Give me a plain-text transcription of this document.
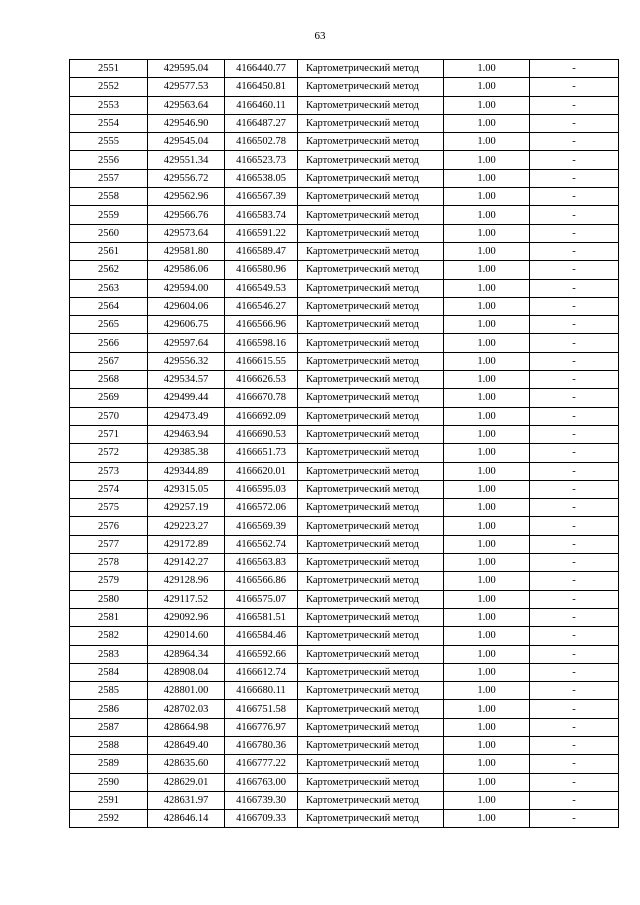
63
2551	429595.04	4166440.77	Картометрический метод	1.00	-
2552	429577.53	4166450.81	Картометрический метод	1.00	-
2553	429563.64	4166460.11	Картометрический метод	1.00	-
2554	429546.90	4166487.27	Картометрический метод	1.00	-
2555	429545.04	4166502.78	Картометрический метод	1.00	-
2556	429551.34	4166523.73	Картометрический метод	1.00	-
2557	429556.72	4166538.05	Картометрический метод	1.00	-
2558	429562.96	4166567.39	Картометрический метод	1.00	-
2559	429566.76	4166583.74	Картометрический метод	1.00	-
2560	429573.64	4166591.22	Картометрический метод	1.00	-
2561	429581.80	4166589.47	Картометрический метод	1.00	-
2562	429586.06	4166580.96	Картометрический метод	1.00	-
2563	429594.00	4166549.53	Картометрический метод	1.00	-
2564	429604.06	4166546.27	Картометрический метод	1.00	-
2565	429606.75	4166566.96	Картометрический метод	1.00	-
2566	429597.64	4166598.16	Картометрический метод	1.00	-
2567	429556.32	4166615.55	Картометрический метод	1.00	-
2568	429534.57	4166626.53	Картометрический метод	1.00	-
2569	429499.44	4166670.78	Картометрический метод	1.00	-
2570	429473.49	4166692.09	Картометрический метод	1.00	-
2571	429463.94	4166690.53	Картометрический метод	1.00	-
2572	429385.38	4166651.73	Картометрический метод	1.00	-
2573	429344.89	4166620.01	Картометрический метод	1.00	-
2574	429315.05	4166595.03	Картометрический метод	1.00	-
2575	429257.19	4166572.06	Картометрический метод	1.00	-
2576	429223.27	4166569.39	Картометрический метод	1.00	-
2577	429172.89	4166562.74	Картометрический метод	1.00	-
2578	429142.27	4166563.83	Картометрический метод	1.00	-
2579	429128.96	4166566.86	Картометрический метод	1.00	-
2580	429117.52	4166575.07	Картометрический метод	1.00	-
2581	429092.96	4166581.51	Картометрический метод	1.00	-
2582	429014.60	4166584.46	Картометрический метод	1.00	-
2583	428964.34	4166592.66	Картометрический метод	1.00	-
2584	428908.04	4166612.74	Картометрический метод	1.00	-
2585	428801.00	4166680.11	Картометрический метод	1.00	-
2586	428702.03	4166751.58	Картометрический метод	1.00	-
2587	428664.98	4166776.97	Картометрический метод	1.00	-
2588	428649.40	4166780.36	Картометрический метод	1.00	-
2589	428635.60	4166777.22	Картометрический метод	1.00	-
2590	428629.01	4166763.00	Картометрический метод	1.00	-
2591	428631.97	4166739.30	Картометрический метод	1.00	-
2592	428646.14	4166709.33	Картометрический метод	1.00	-
